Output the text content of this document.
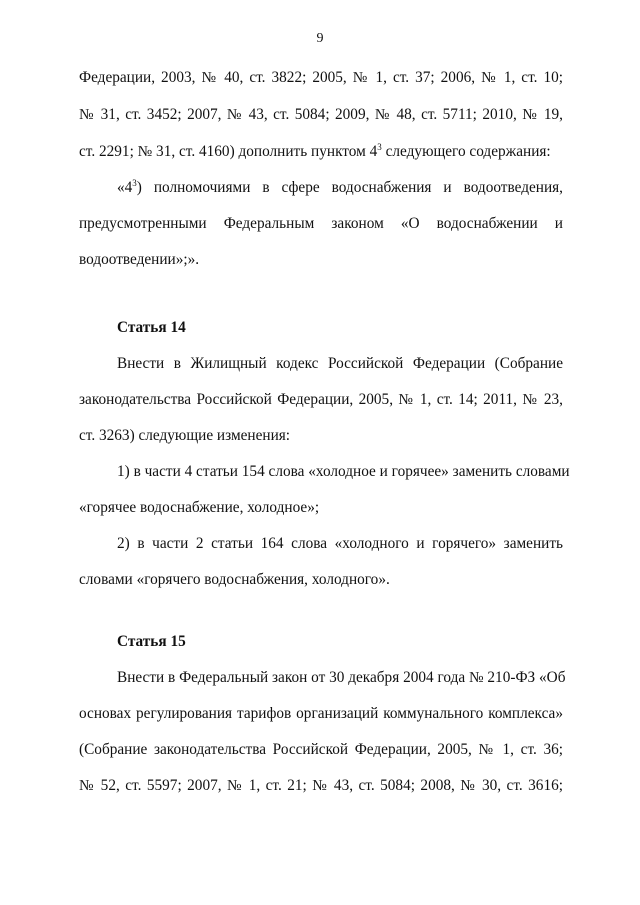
9
Федерации, 2003, № 40, ст. 3822; 2005, № 1, ст. 37; 2006, № 1, ст. 10;
№ 31, ст. 3452; 2007, № 43, ст. 5084; 2009, № 48, ст. 5711; 2010, № 19,
ст. 2291; № 31, ст. 4160) дополнить пунктом $4^3$ следующего содержания:
«$4^3$) полномочиями в сфере водоснабжения и водоотведения,
предусмотренными Федеральным законом «О водоснабжении и
водоотведении»;».
Статья 14
Внести в Жилищный кодекс Российской Федерации (Собрание
законодательства Российской Федерации, 2005, № 1, ст. 14; 2011, № 23,
ст. 3263) следующие изменения:
1) в части 4 статьи 154 слова «холодное и горячее» заменить словами
«горячее водоснабжение, холодное»;
2) в части 2 статьи 164 слова «холодного и горячего» заменить
словами «горячего водоснабжения, холодного».
Статья 15
Внести в Федеральный закон от 30 декабря 2004 года № 210-ФЗ «Об
основах регулирования тарифов организаций коммунального комплекса»
(Собрание законодательства Российской Федерации, 2005, № 1, ст. 36;
№ 52, ст. 5597; 2007, № 1, ст. 21; № 43, ст. 5084; 2008, № 30, ст. 3616;
